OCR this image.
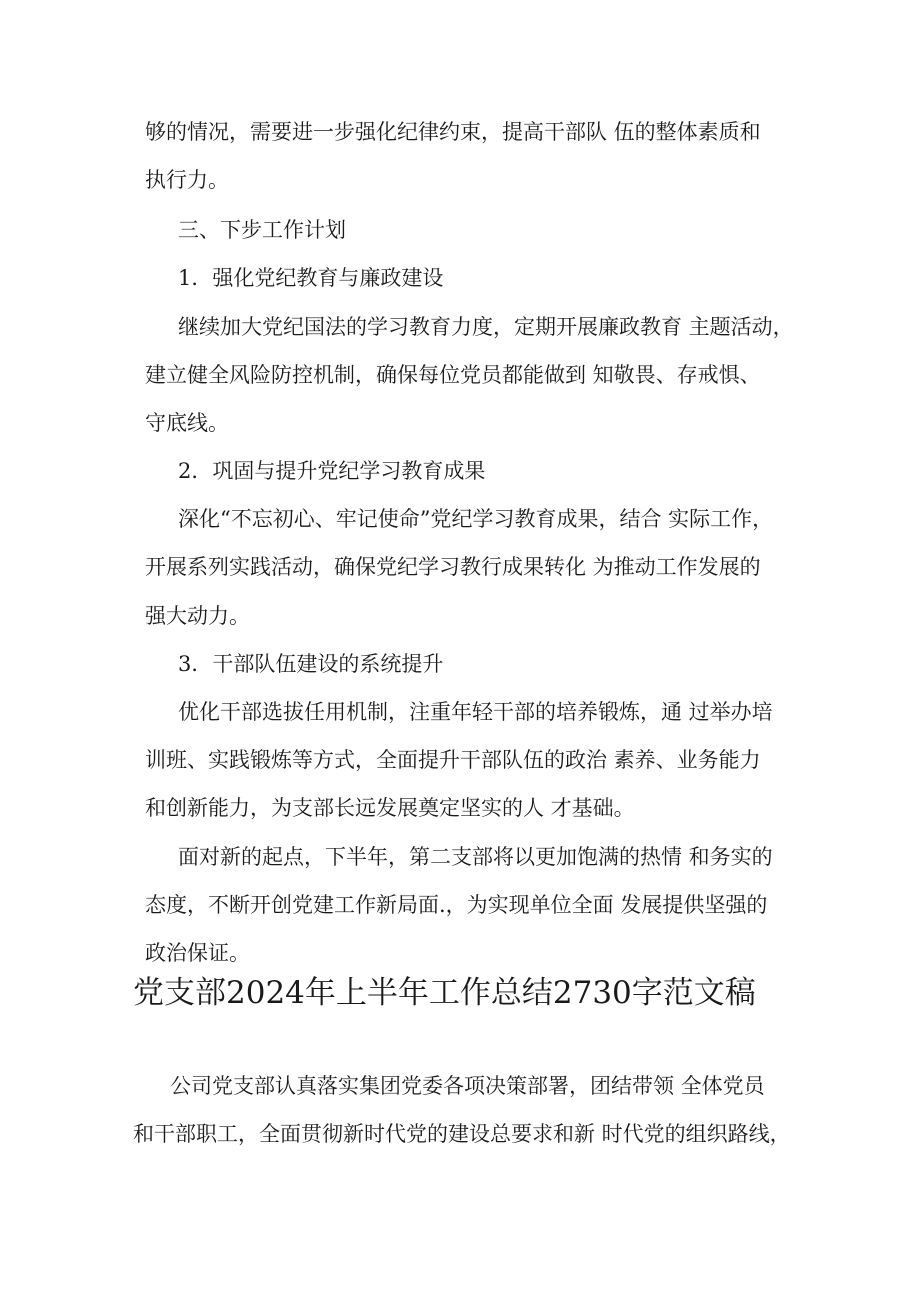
够的情况，需要进一步强化纪律约束，提高干部队 伍的整体素质和
执行力。
三、下步工作计划
1．强化党纪教育与廉政建设
继续加大党纪国法的学习教育力度，定期开展廉政教育 主题活动，
建立健全风险防控机制，确保每位党员都能做到 知敬畏、存戒惧、
守底线。
2．巩固与提升党纪学习教育成果
深化“不忘初心、牢记使命”党纪学习教育成果，结合 实际工作，
开展系列实践活动，确保党纪学习教行成果转化 为推动工作发展的
强大动力。
3．干部队伍建设的系统提升
优化干部选拔任用机制，注重年轻干部的培养锻炼，通 过举办培
训班、实践锻炼等方式，全面提升干部队伍的政治 素养、业务能力
和创新能力，为支部长远发展奠定坚实的人 才基础。
面对新的起点，下半年，第二支部将以更加饱满的热情 和务实的
态度，不断开创党建工作新局面.，为实现单位全面 发展提供坚强的
政治保证。
党支部2024年上半年工作总结2730字范文稿
公司党支部认真落实集团党委各项决策部署，团结带领 全体党员
和干部职工，全面贯彻新时代党的建设总要求和新 时代党的组织路线，
